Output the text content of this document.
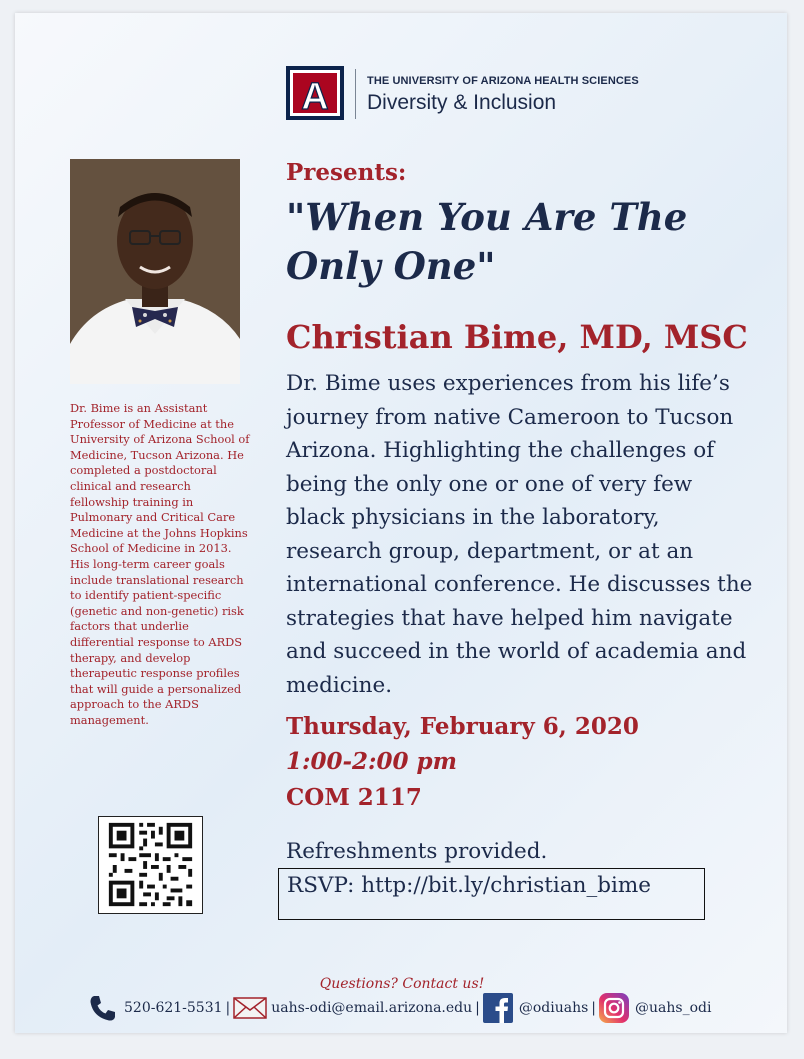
A	THE UNIVERSITY OF ARIZONA HEALTH SCIENCES
Diversity & Inclusion
Dr. Bime is an Assistant Professor of Medicine at the University of Arizona School of Medicine, Tucson Arizona. He completed a postdoctoral clinical and research fellowship training in Pulmonary and Critical Care Medicine at the Johns Hopkins School of Medicine in 2013. His long-term career goals include translational research to identify patient-specific (genetic and non-genetic) risk factors that underlie differential response to ARDS therapy, and develop therapeutic response profiles that will guide a personalized approach to the ARDS management.
Presents:
"When You Are The Only One"
Christian Bime, MD, MSC
Dr. Bime uses experiences from his life’s journey from native Cameroon to Tucson Arizona. Highlighting the challenges of being the only one or one of very few black physicians in the laboratory, research group, department, or at an international conference. He discusses the strategies that have helped him navigate and succeed in the world of academia and medicine.
Thursday, February 6, 2020
1:00-2:00 pm
COM 2117
Refreshments provided.
RSVP: http://bit.ly/christian_bime
Questions? Contact us!
520-621-5531 |	uahs-odi@email.arizona.edu |	@odiuahs |	@uahs_odi
